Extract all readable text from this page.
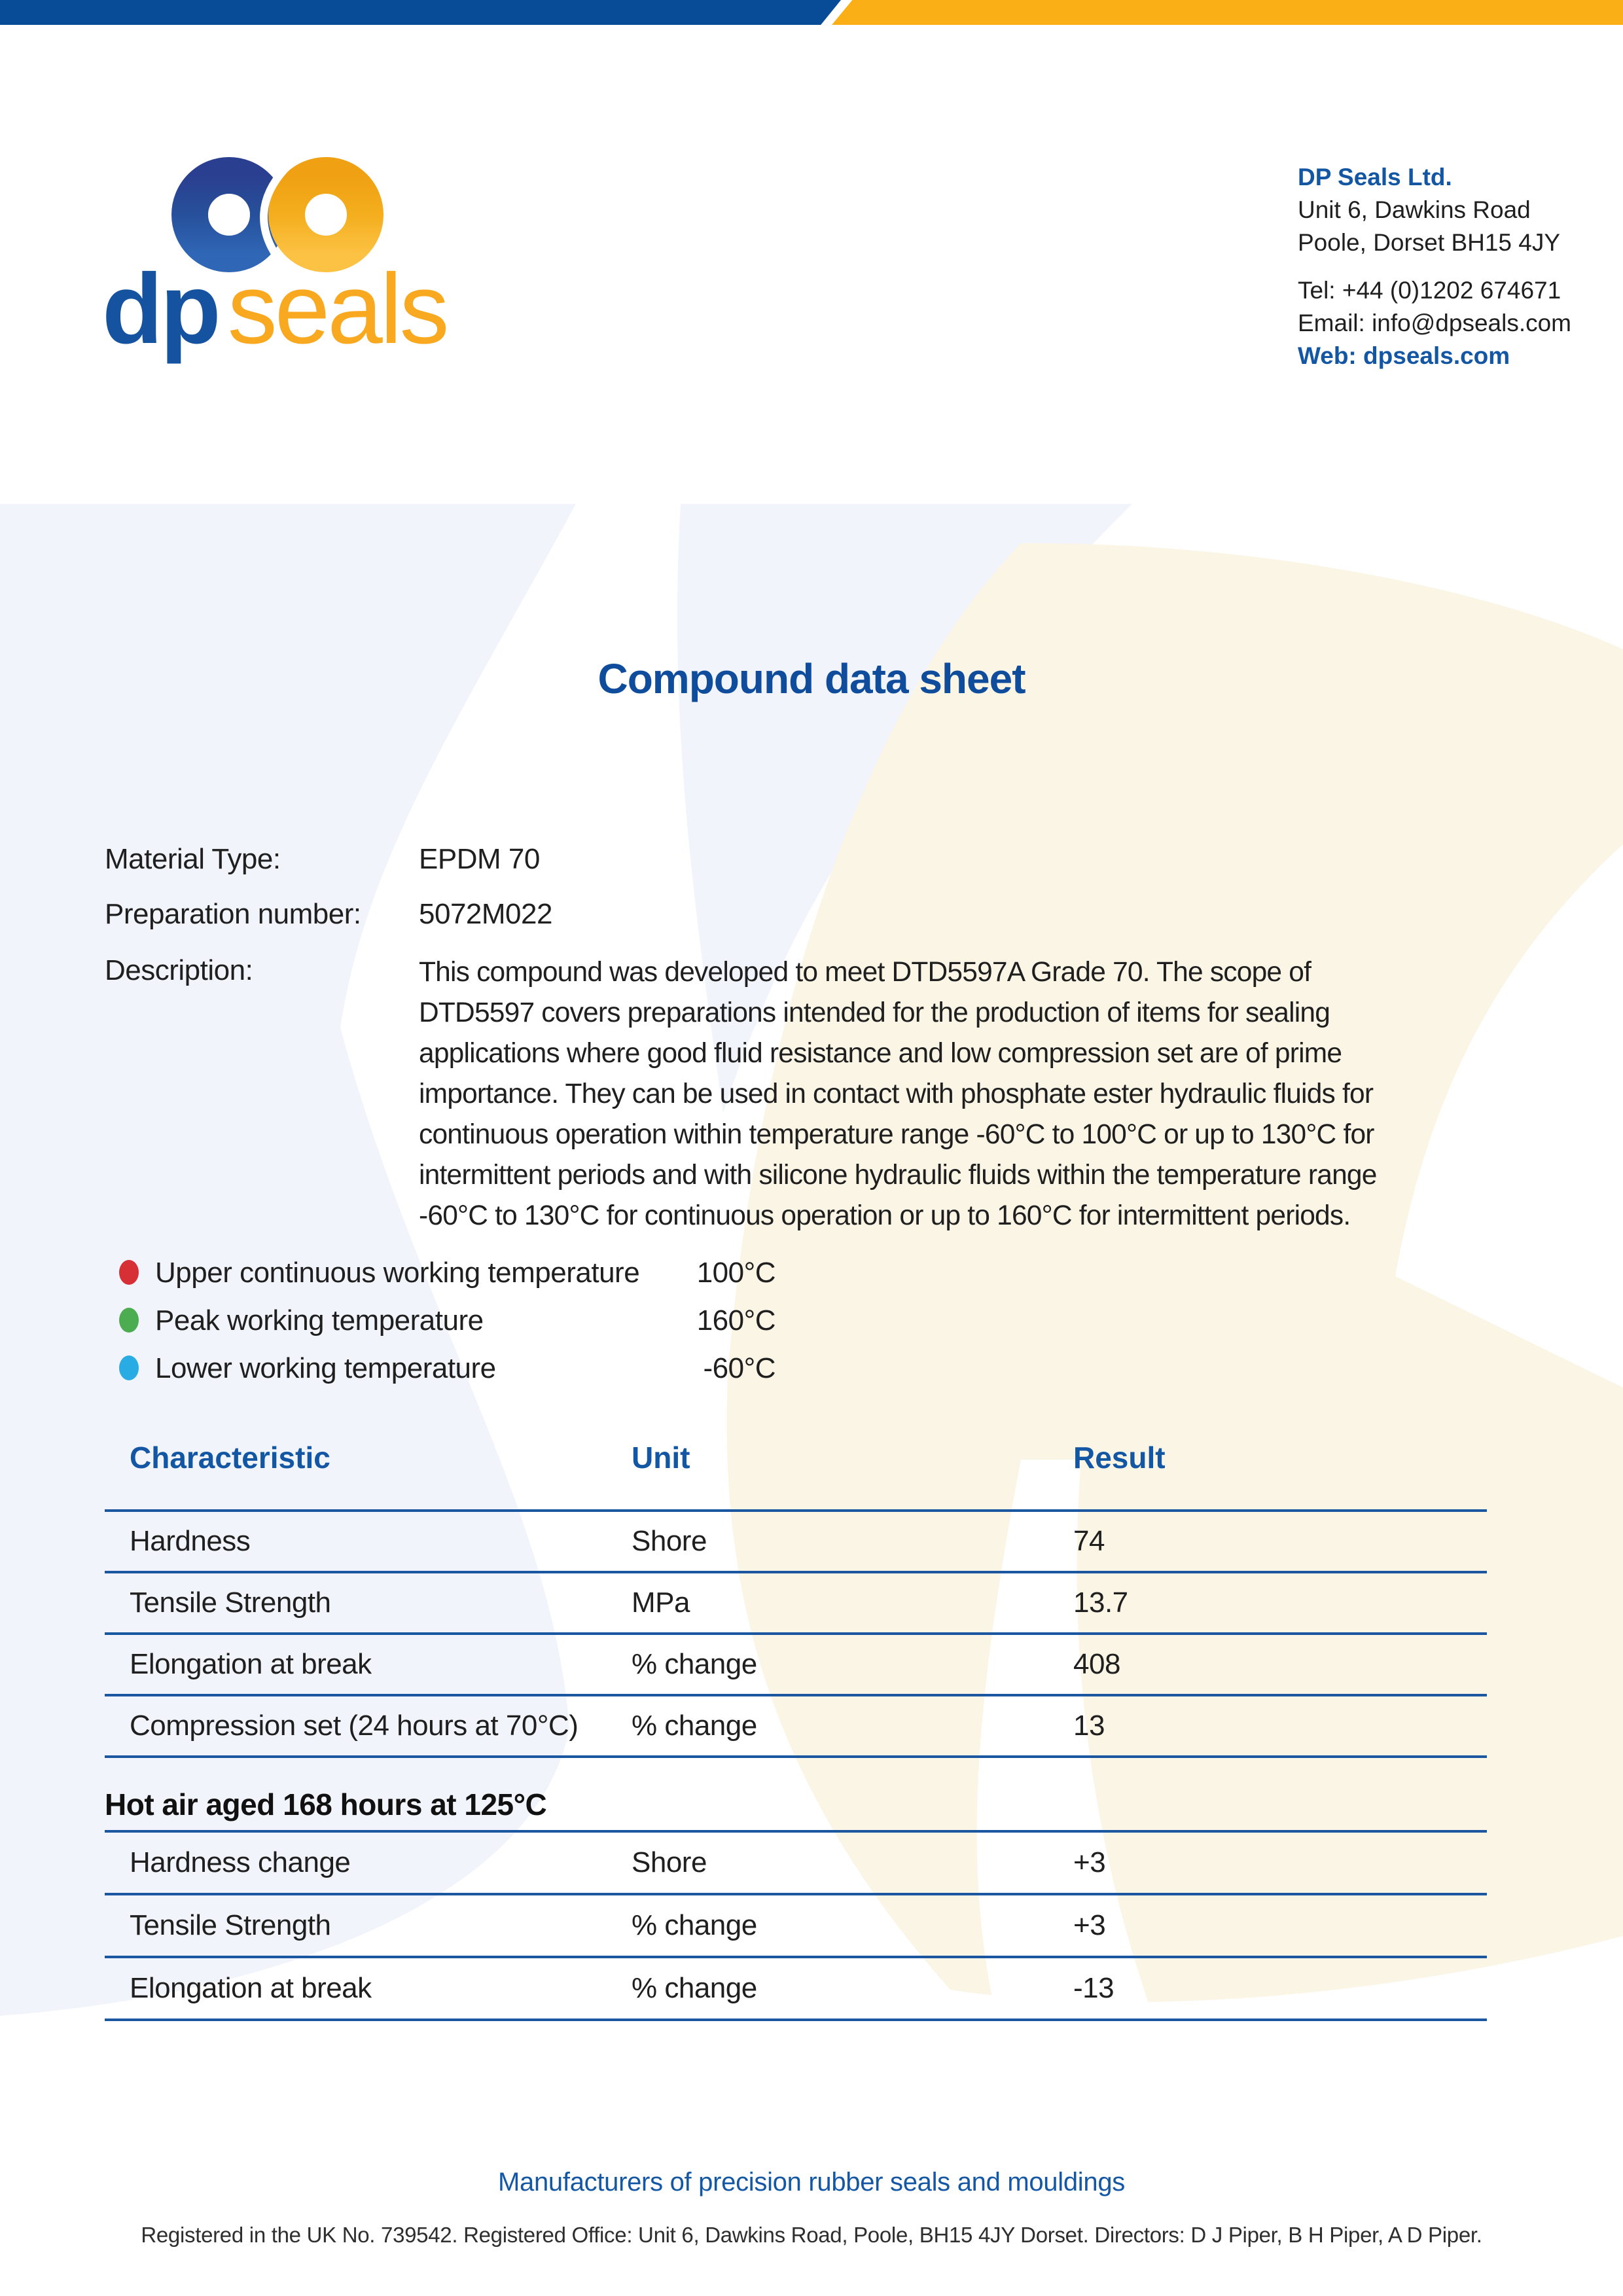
dpseals
DP Seals Ltd.
Unit 6, Dawkins Road
Poole, Dorset BH15 4JY
Tel: +44 (0)1202 674671
Email: info@dpseals.com
Web: dpseals.com
Compound data sheet
Material Type:	EPDM 70
Preparation number:	5072M022
Description:	This compound was developed to meet DTD5597A Grade 70. The scope of DTD5597 covers preparations intended for the production of items for sealing applications where good fluid resistance and low compression set are of prime importance. They can be used in contact with phosphate ester hydraulic fluids for continuous operation within temperature range -60°C to 100°C or up to 130°C for intermittent periods and with silicone hydraulic fluids within the temperature range -60°C to 130°C for continuous operation or up to 160°C for intermittent periods.
Upper continuous working temperature	100°C
Peak working temperature	160°C
Lower working temperature	-60°C
Characteristic	Unit	Result
Hardness	Shore	74
Tensile Strength	MPa	13.7
Elongation at break	% change	408
Compression set (24 hours at 70°C)	% change	13
Hot air aged 168 hours at 125°C
Hardness change	Shore	+3
Tensile Strength	% change	+3
Elongation at break	% change	-13
Manufacturers of precision rubber seals and mouldings
Registered in the UK No. 739542. Registered Office: Unit 6, Dawkins Road, Poole, BH15 4JY Dorset. Directors: D J Piper, B H Piper, A D Piper.
